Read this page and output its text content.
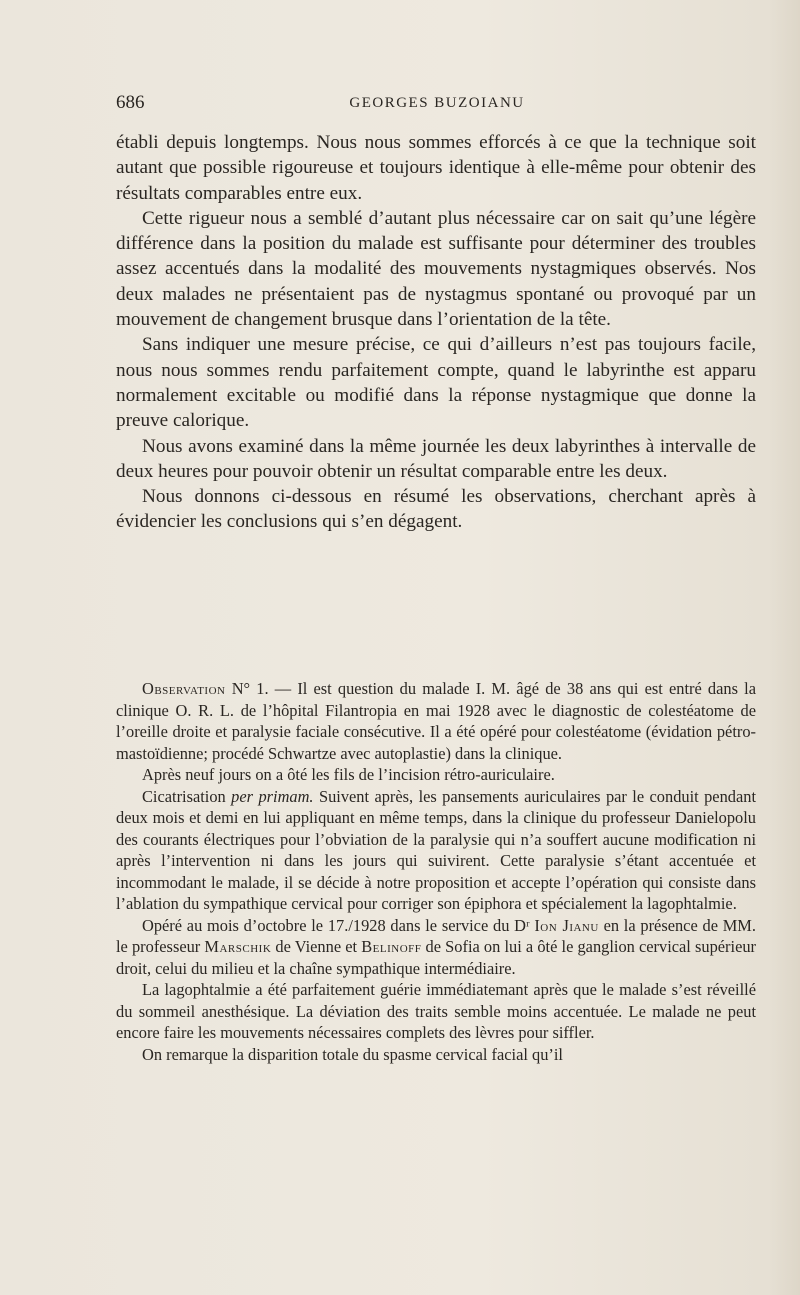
686	GEORGES BUZOIANU

établi depuis longtemps. Nous nous sommes efforcés à ce que la technique soit autant que possible rigoureuse et toujours identique à elle-même pour obtenir des résultats comparables entre eux.

Cette rigueur nous a semblé d’autant plus nécessaire car on sait qu’une légère différence dans la position du malade est suffisante pour déterminer des troubles assez accentués dans la modalité des mouvements nystagmiques observés. Nos deux malades ne présentaient pas de nystagmus spontané ou provoqué par un mouvement de changement brusque dans l’orientation de la tête.

Sans indiquer une mesure précise, ce qui d’ailleurs n’est pas toujours facile, nous nous sommes rendu parfaitement compte, quand le labyrinthe est apparu normalement excitable ou modifié dans la réponse nystagmique que donne la preuve calorique.

Nous avons examiné dans la même journée les deux labyrinthes à intervalle de deux heures pour pouvoir obtenir un résultat comparable entre les deux.

Nous donnons ci-dessous en résumé les observations, cherchant après à évidencier les conclusions qui s’en dégagent.

Observation N° 1. — Il est question du malade I. M. âgé de 38 ans qui est entré dans la clinique O. R. L. de l’hôpital Filantropia en mai 1928 avec le diagnostic de colestéatome de l’oreille droite et paralysie faciale consécutive. Il a été opéré pour colestéatome (évidation pétro-mastoïdienne; procédé Schwartze avec autoplastie) dans la clinique.

Après neuf jours on a ôté les fils de l’incision rétro-auriculaire.

Cicatrisation per primam. Suivent après, les pansements auriculaires par le conduit pendant deux mois et demi en lui appliquant en même temps, dans la clinique du professeur Danielopolu des courants électriques pour l’obviation de la paralysie qui n’a souffert aucune modification ni après l’intervention ni dans les jours qui suivirent. Cette paralysie s’étant accentuée et incommodant le malade, il se décide à notre proposition et accepte l’opération qui consiste dans l’ablation du sympathique cervical pour corriger son épiphora et spécialement la lagophtalmie.

Opéré au mois d’octobre le 17./1928 dans le service du Dʳ Ion Jianu en la présence de MM. le professeur Marschik de Vienne et Belinoff de Sofia on lui a ôté le ganglion cervical supérieur droit, celui du milieu et la chaîne sympathique intermédiaire.

La lagophtalmie a été parfaitement guérie immédiatemant après que le malade s’est réveillé du sommeil anesthésique. La déviation des traits semble moins accentuée. Le malade ne peut encore faire les mouvements nécessaires complets des lèvres pour siffler.

On remarque la disparition totale du spasme cervical facial qu’il
